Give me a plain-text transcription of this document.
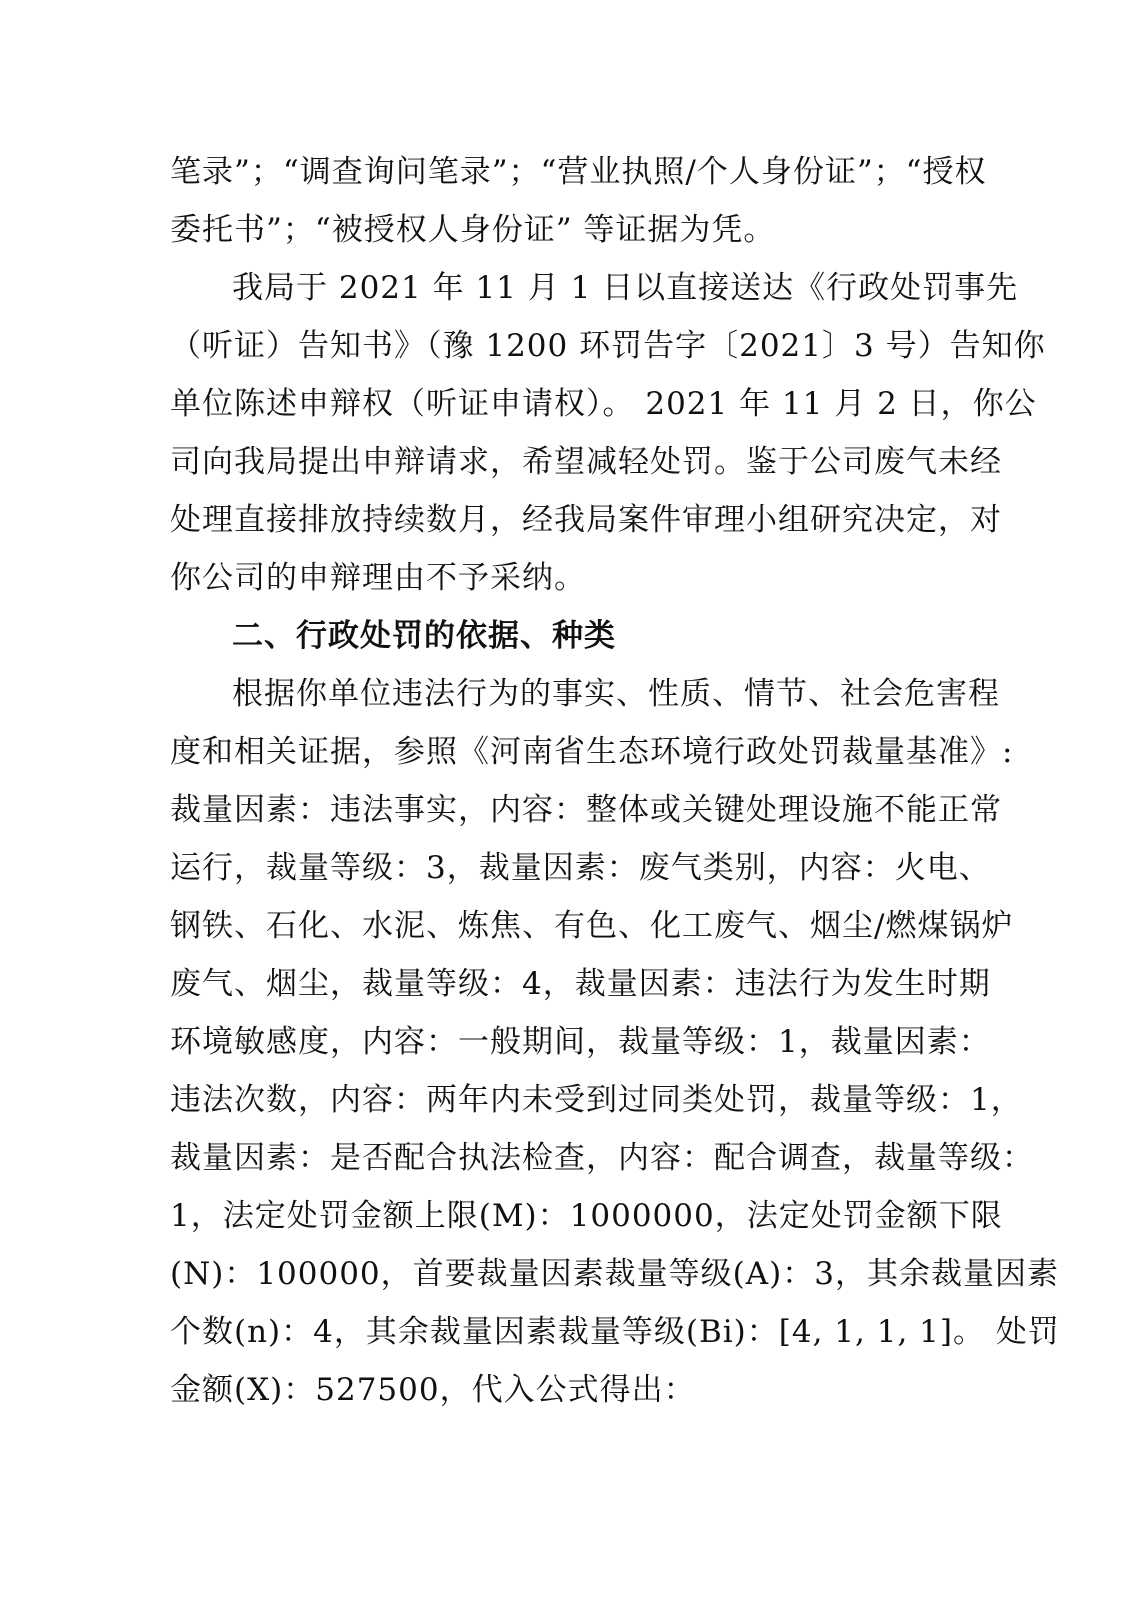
笔录”；“调查询问笔录”；“营业执照/个人身份证”；“授权
委托书”；“被授权人身份证” 等证据为凭。
我局于 2021 年 11 月 1 日以直接送达《行政处罚事先
（听证）告知书》（豫 1200 环罚告字〔2021〕3 号）告知你
单位陈述申辩权（听证申请权）。 2021 年 11 月 2 日，你公
司向我局提出申辩请求，希望减轻处罚。鉴于公司废气未经
处理直接排放持续数月，经我局案件审理小组研究决定，对
你公司的申辩理由不予采纳。
二、行政处罚的依据、种类
根据你单位违法行为的事实、性质、情节、社会危害程
度和相关证据，参照《河南省生态环境行政处罚裁量基准》:
裁量因素：违法事实，内容：整体或关键处理设施不能正常
运行，裁量等级：3，裁量因素：废气类别，内容：火电、
钢铁、石化、水泥、炼焦、有色、化工废气、烟尘/燃煤锅炉
废气、烟尘，裁量等级：4，裁量因素：违法行为发生时期
环境敏感度，内容：一般期间，裁量等级：1，裁量因素：
违法次数，内容：两年内未受到过同类处罚，裁量等级：1，
裁量因素：是否配合执法检查，内容：配合调查，裁量等级：
1，法定处罚金额上限(M)：1000000，法定处罚金额下限
(N)：100000，首要裁量因素裁量等级(A)：3，其余裁量因素
个数(n)：4，其余裁量因素裁量等级(Bi)：[4, 1, 1, 1]。 处罚
金额(X)：527500，代入公式得出：
